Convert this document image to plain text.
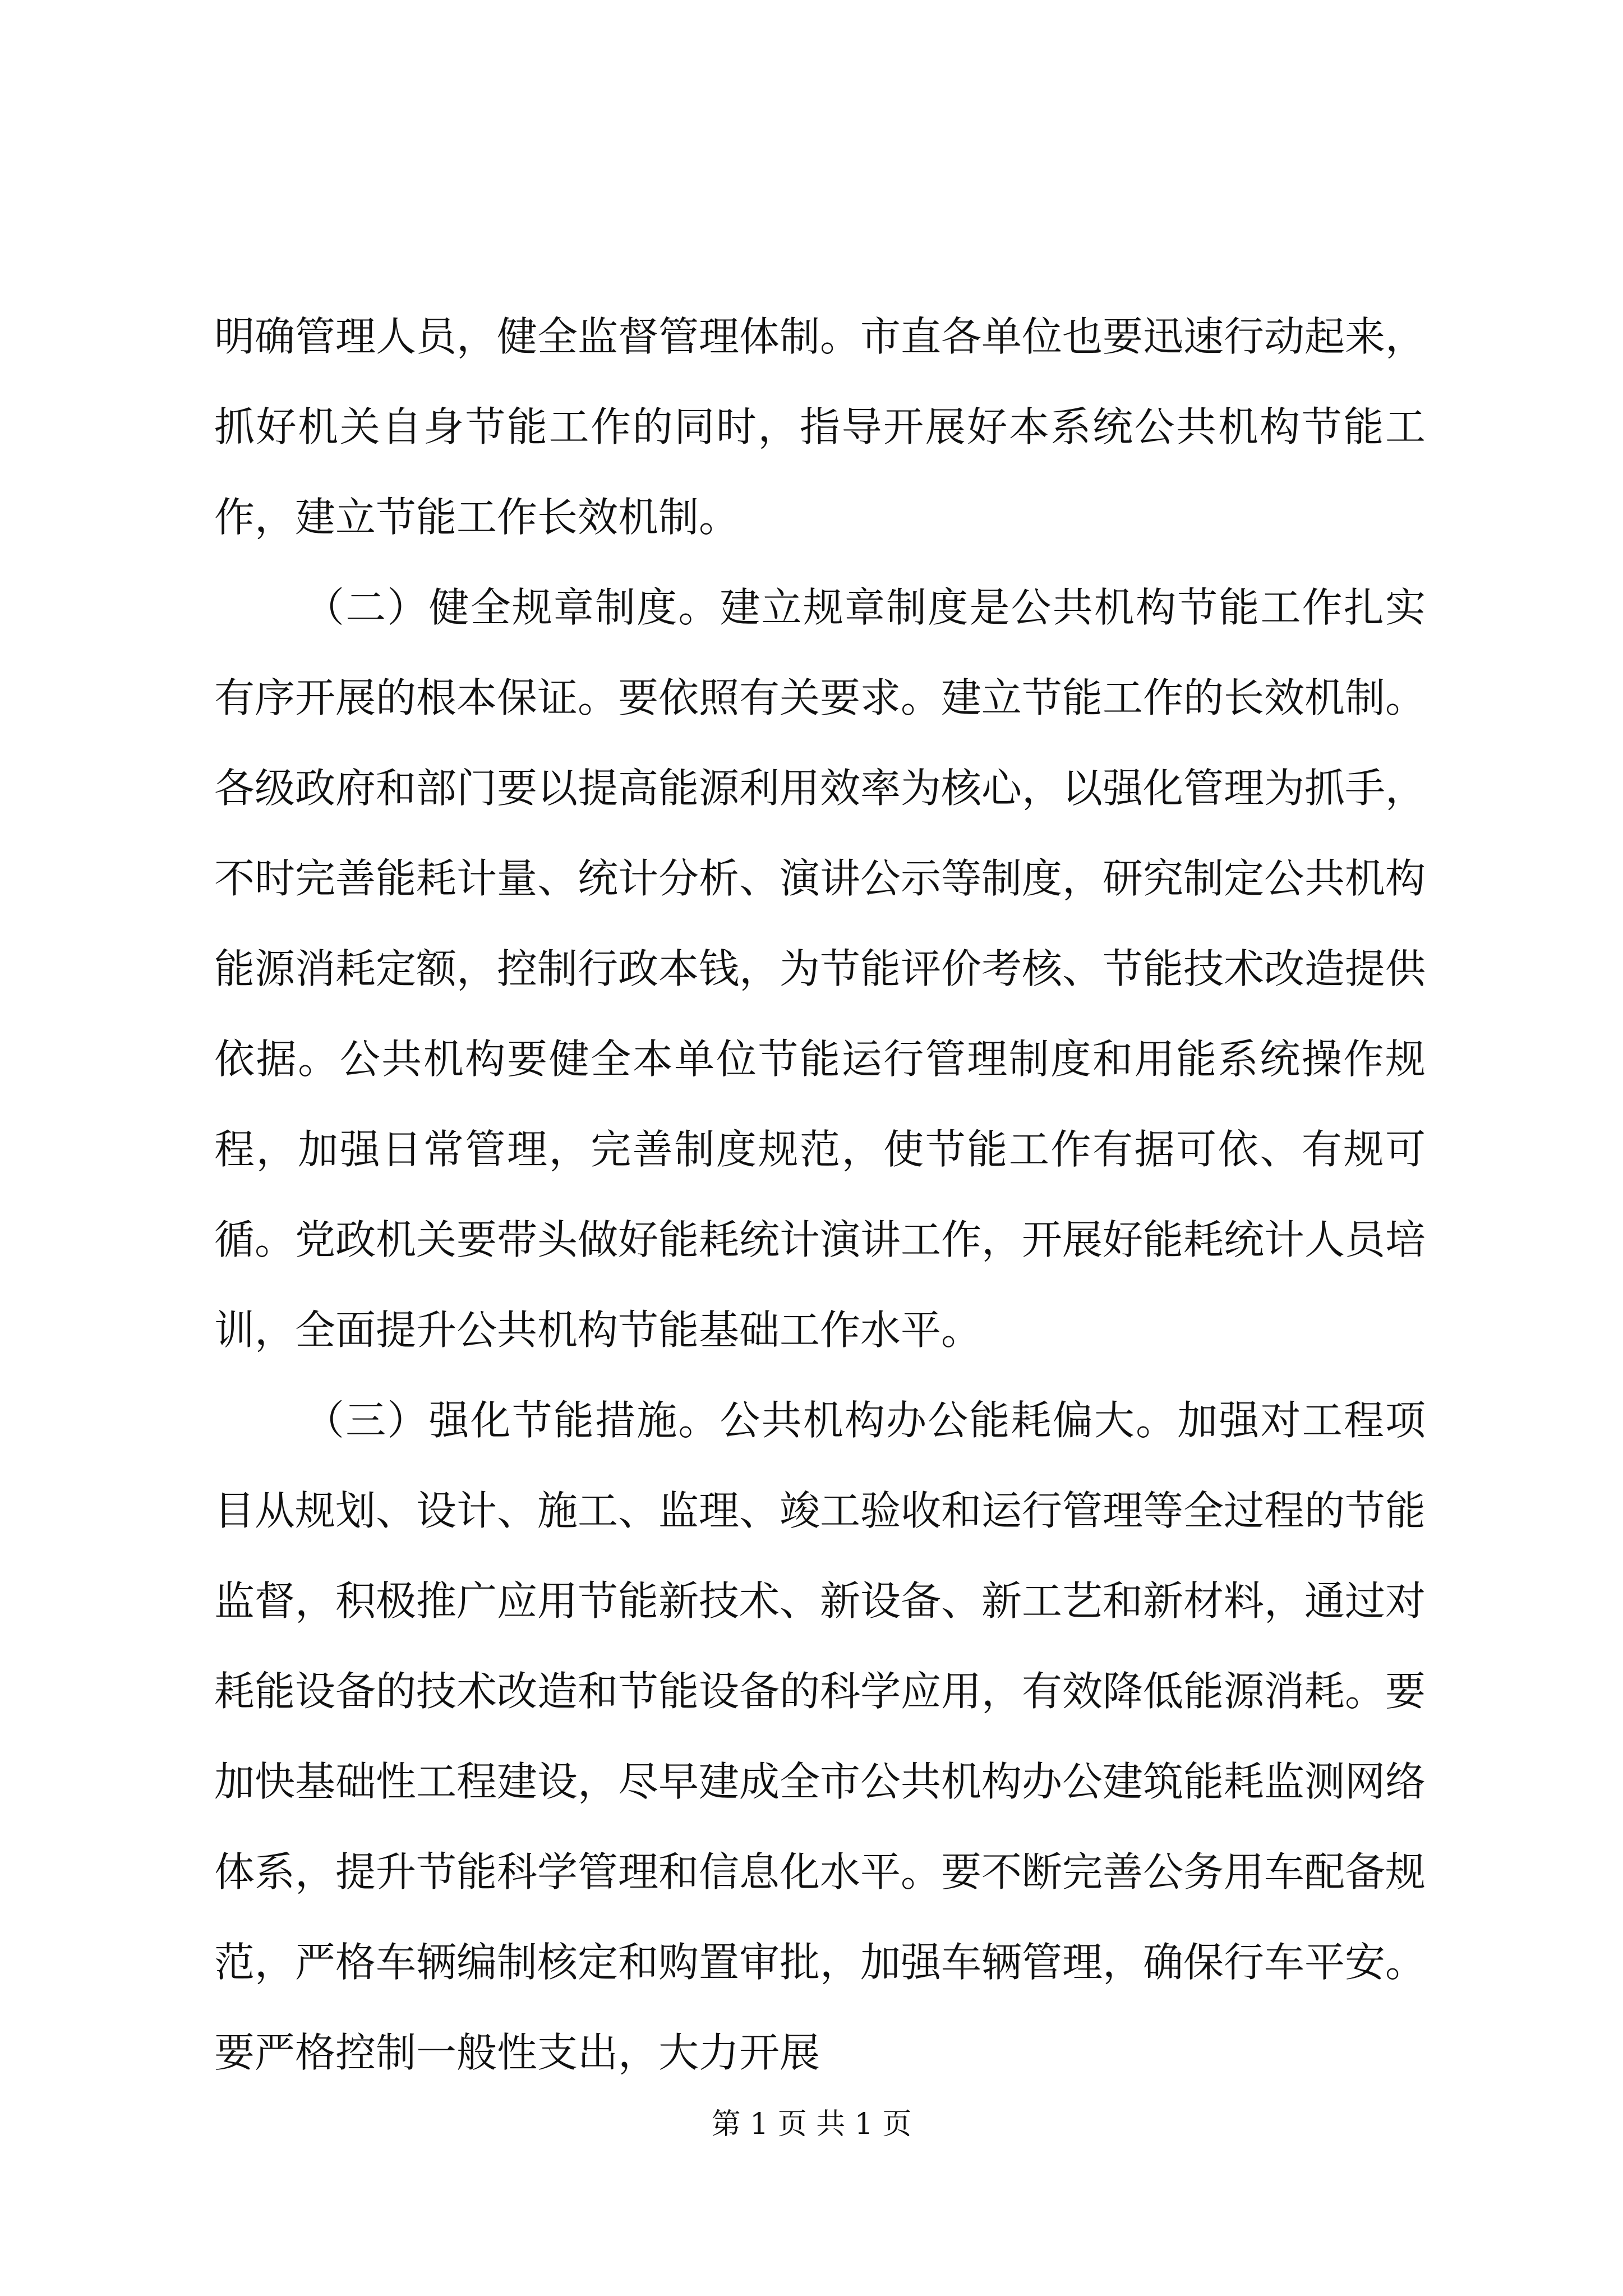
明确管理人员，健全监督管理体制。市直各单位也要迅速行动起来，抓好机关自身节能工作的同时，指导开展好本系统公共机构节能工作，建立节能工作长效机制。

（二）健全规章制度。建立规章制度是公共机构节能工作扎实有序开展的根本保证。要依照有关要求。建立节能工作的长效机制。各级政府和部门要以提高能源利用效率为核心，以强化管理为抓手，不时完善能耗计量、统计分析、演讲公示等制度，研究制定公共机构能源消耗定额，控制行政本钱，为节能评价考核、节能技术改造提供依据。公共机构要健全本单位节能运行管理制度和用能系统操作规程，加强日常管理，完善制度规范，使节能工作有据可依、有规可循。党政机关要带头做好能耗统计演讲工作，开展好能耗统计人员培训，全面提升公共机构节能基础工作水平。

（三）强化节能措施。公共机构办公能耗偏大。加强对工程项目从规划、设计、施工、监理、竣工验收和运行管理等全过程的节能监督，积极推广应用节能新技术、新设备、新工艺和新材料，通过对耗能设备的技术改造和节能设备的科学应用，有效降低能源消耗。要加快基础性工程建设，尽早建成全市公共机构办公建筑能耗监测网络体系，提升节能科学管理和信息化水平。要不断完善公务用车配备规范，严格车辆编制核定和购置审批，加强车辆管理，确保行车平安。要严格控制一般性支出，大力开展

第 1 页 共 1 页
